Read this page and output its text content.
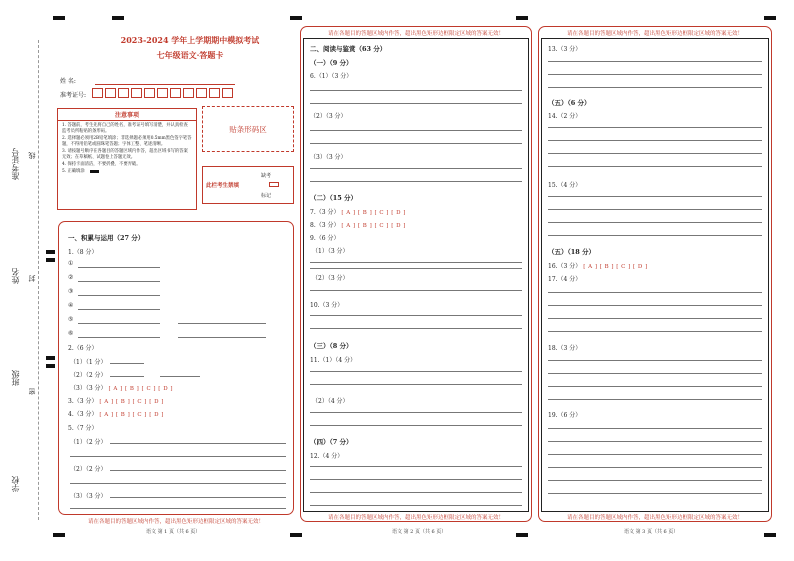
准考证号 线
姓名 封
班级
密
学校
2023-2024 学年上学期期中模拟考试
七年级语文·答题卡
姓 名:
准考证号:
注意事项
1. 答题前，考生先将自己的姓名，准考证号填写清楚，并认真检查监考员所粘贴的条形码。
2. 选择题必须用2B铅笔填涂；非选择题必须用0.5mm黑色签字笔答题，不得用铅笔或圆珠笔答题；字体工整、笔迹清晰。
3. 请按题号顺序在各题目的答题区域内作答，超出区域书写的答案无效；在草稿纸、试题卷上答题无效。
4. 保持卡面清洁，不要折叠、不要弄破。
5. 正确填涂
贴条形码区
此栏考生禁填
缺考
标记
一、积累与运用（27 分）
1.（8 分）
①
②
③
④
⑤
⑥
2.（6 分）
（1）（1 分）
（2）（2 分）
（3）（3 分） [ A ] [ B ] [ C ] [ D ]
3.（3 分） [ A ] [ B ] [ C ] [ D ]
4.（3 分） [ A ] [ B ] [ C ] [ D ]
5.（7 分）
（1）（2 分）
（2）（2 分）
（3）（3 分）
请在各题目的答题区域内作答，超出黑色矩形边框限定区域的答案无效！
语文 第 1 页（共 6 页）
请在各题目的答题区域内作答，超出黑色矩形边框限定区域的答案无效！
二、阅读与鉴赏（63 分）
（一）（9 分）
6.（1）（3 分）
（2）（3 分）
（3）（3 分）
（二）（15 分）
7.（3 分） [ A ] [ B ] [ C ] [ D ]
8.（3 分） [ A ] [ B ] [ C ] [ D ]
9.（6 分）
（1）（3 分）
（2）（3 分）
10.（3 分）
（三）（8 分）
11.（1）（4 分）
（2）（4 分）
（四）（7 分）
12.（4 分）
请在各题目的答题区域内作答，超出黑色矩形边框限定区域的答案无效！
语文 第 2 页（共 6 页）
请在各题目的答题区域内作答，超出黑色矩形边框限定区域的答案无效！
13.（3 分）
（五）（6 分）
14.（2 分）
15.（4 分）
（五）（18 分）
16.（3 分） [ A ] [ B ] [ C ] [ D ]
17.（4 分）
18.（3 分）
19.（6 分）
请在各题目的答题区域内作答，超出黑色矩形边框限定区域的答案无效！
语文 第 3 页（共 6 页）
